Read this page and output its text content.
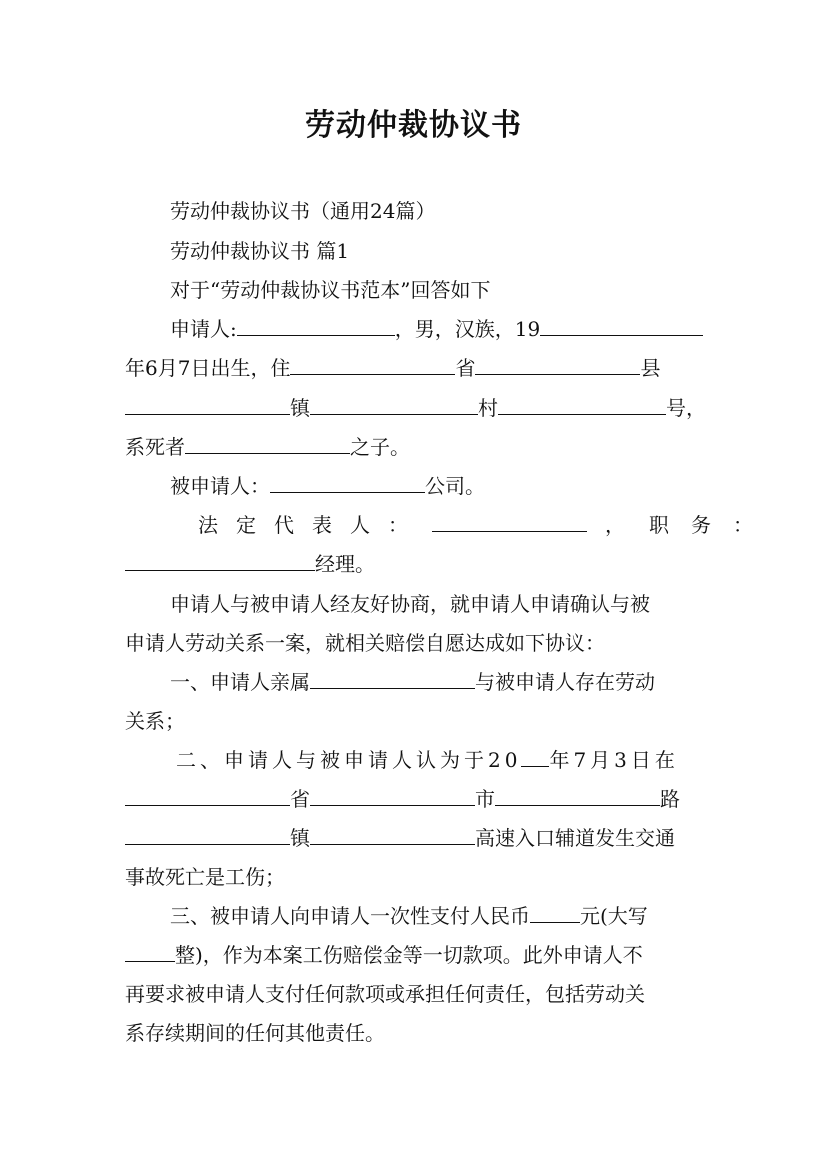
劳动仲裁协议书
劳动仲裁协议书（通用24篇）
劳动仲裁协议书 篇1
对于“劳动仲裁协议书范本”回答如下
申请人:	，男，汉族，19
年6月7日出生，住	省	县
镇	村	号，
系死者	之子。
被申请人：	公司。
法定代表人：	， 职务：
经理。
申请人与被申请人经友好协商，就申请人申请确认与被
申请人劳动关系一案，就相关赔偿自愿达成如下协议：
一、申请人亲属	与被申请人存在劳动
关系；
二、申请人与被申请人认为于20 年7月3日在
省	市	路
镇	高速入口辅道发生交通
事故死亡是工伤；
三、被申请人向申请人一次性支付人民币	元(大写
整)，作为本案工伤赔偿金等一切款项。此外申请人不
再要求被申请人支付任何款项或承担任何责任，包括劳动关
系存续期间的任何其他责任。
